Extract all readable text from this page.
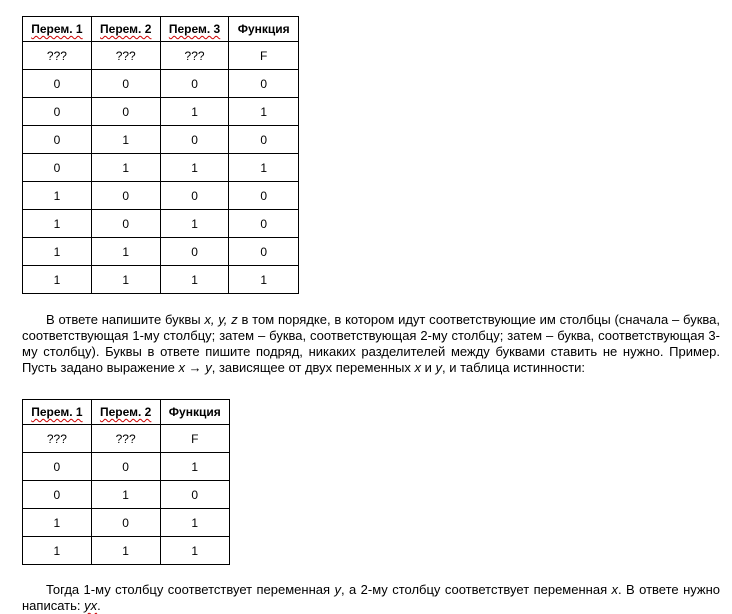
Перем. 1	Перем. 2	Перем. 3	Функция
???	???	???	F
0	0	0	0
0	0	1	1
0	1	0	0
0	1	1	1
1	0	0	0
1	0	1	0
1	1	0	0
1	1	1	1

В ответе напишите буквы x, y, z в том порядке, в котором идут соответствующие им столбцы (сначала – буква, соответствующая 1-му столбцу; затем – буква, соответствующая 2-му столбцу; затем – буква, соответствующая 3-му столбцу). Буквы в ответе пишите подряд, никаких разделителей между буквами ставить не нужно. Пример. Пусть задано выражение x → y, зависящее от двух переменных x и y, и таблица истинности:

Перем. 1	Перем. 2	Функция
???	???	F
0	0	1
0	1	0
1	0	1
1	1	1

Тогда 1-му столбцу соответствует переменная y, а 2-му столбцу соответствует переменная x. В ответе нужно написать: yx.
